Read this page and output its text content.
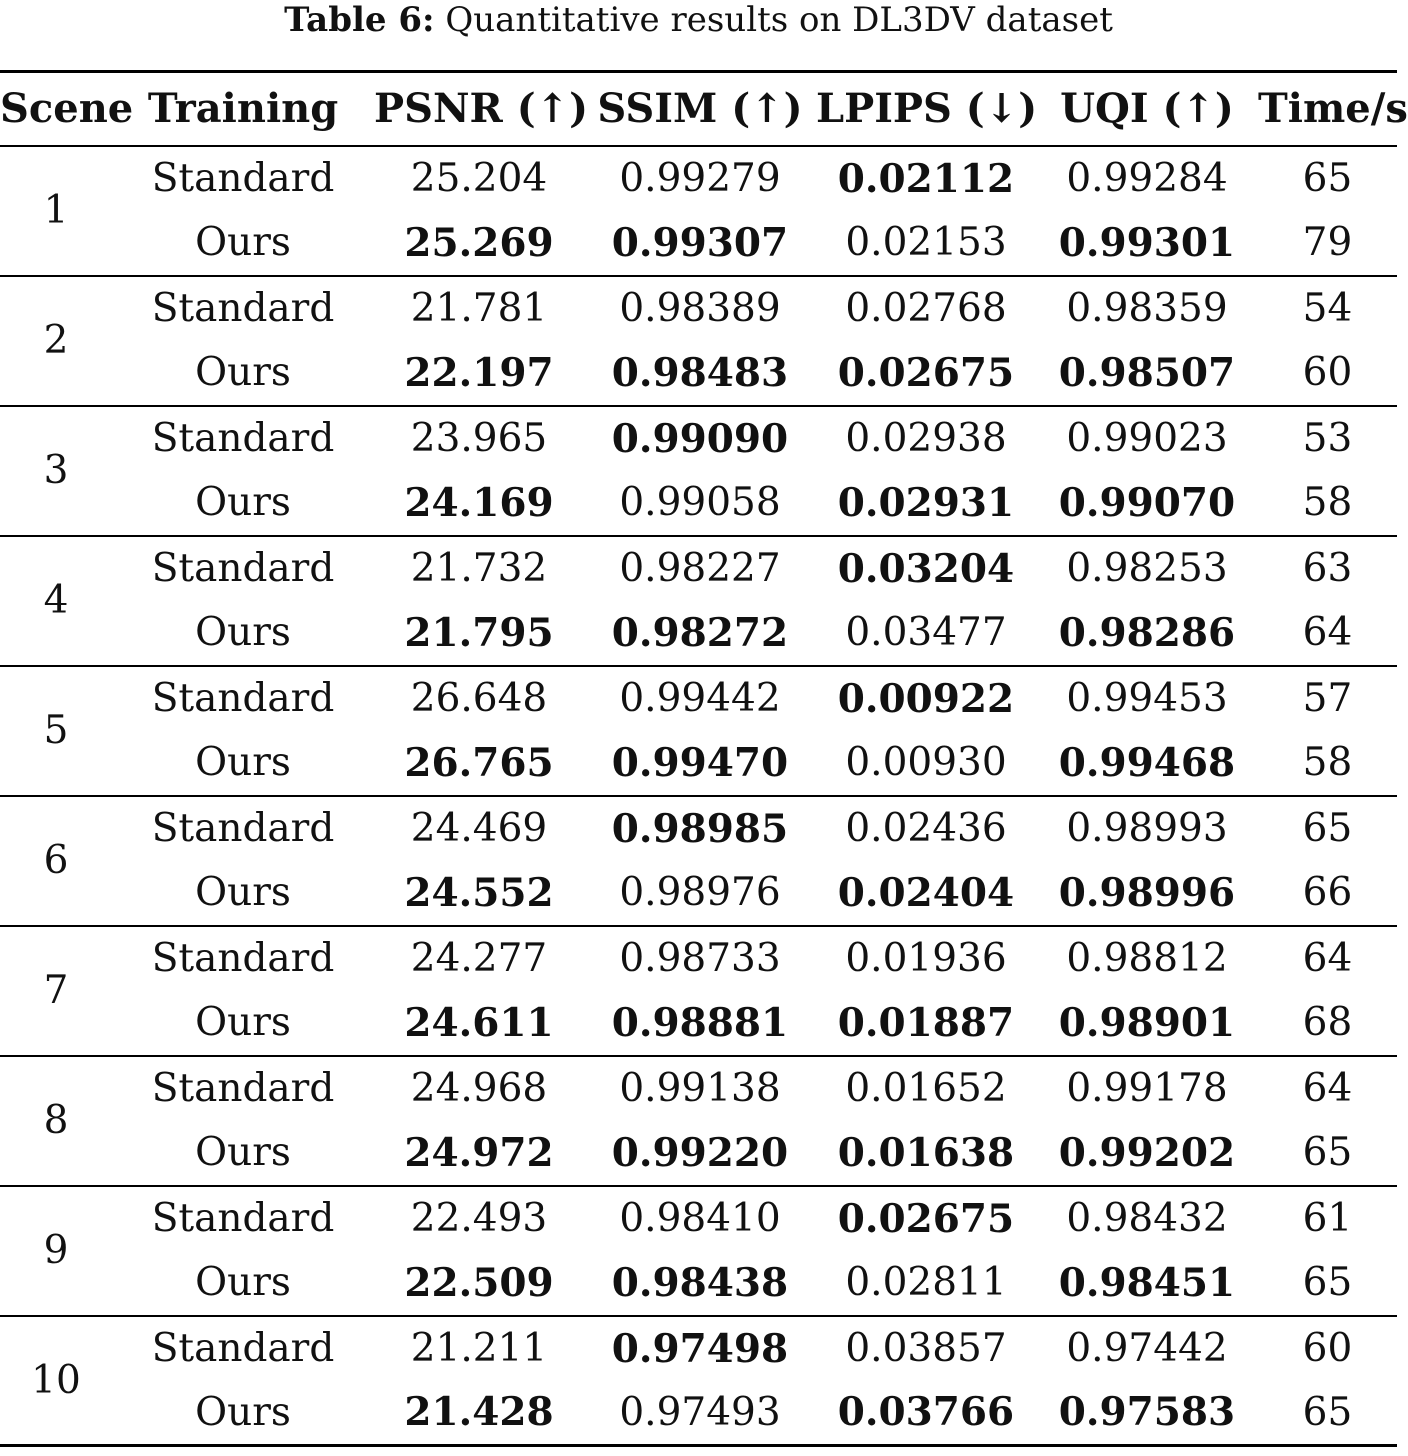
Table 6: Quantitative results on DL3DV dataset
Scene	Training	PSNR (↑)	SSIM (↑)	LPIPS (↓)	UQI (↑)	Time/s
1	Standard	25.204	0.99279	0.02112	0.99284	65
	Ours	25.269	0.99307	0.02153	0.99301	79
2	Standard	21.781	0.98389	0.02768	0.98359	54
	Ours	22.197	0.98483	0.02675	0.98507	60
3	Standard	23.965	0.99090	0.02938	0.99023	53
	Ours	24.169	0.99058	0.02931	0.99070	58
4	Standard	21.732	0.98227	0.03204	0.98253	63
	Ours	21.795	0.98272	0.03477	0.98286	64
5	Standard	26.648	0.99442	0.00922	0.99453	57
	Ours	26.765	0.99470	0.00930	0.99468	58
6	Standard	24.469	0.98985	0.02436	0.98993	65
	Ours	24.552	0.98976	0.02404	0.98996	66
7	Standard	24.277	0.98733	0.01936	0.98812	64
	Ours	24.611	0.98881	0.01887	0.98901	68
8	Standard	24.968	0.99138	0.01652	0.99178	64
	Ours	24.972	0.99220	0.01638	0.99202	65
9	Standard	22.493	0.98410	0.02675	0.98432	61
	Ours	22.509	0.98438	0.02811	0.98451	65
10	Standard	21.211	0.97498	0.03857	0.97442	60
	Ours	21.428	0.97493	0.03766	0.97583	65
